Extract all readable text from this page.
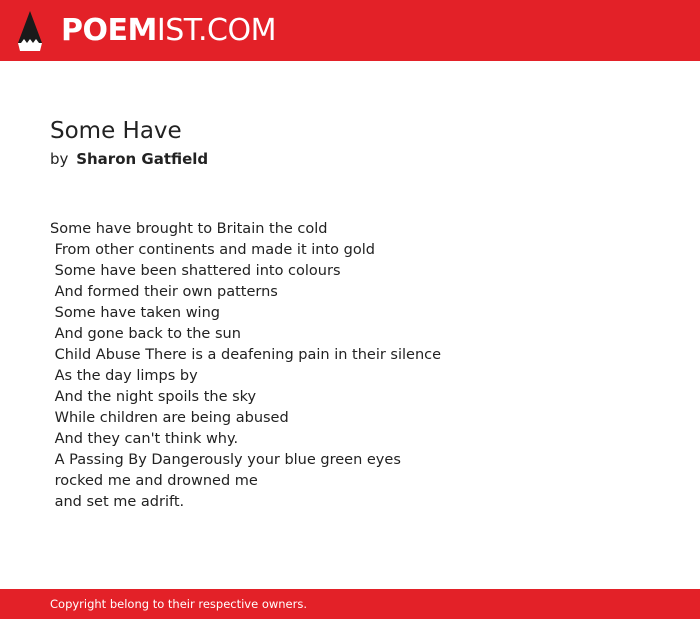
POEMIST.COM
Some Have
by Sharon Gatfield
Some have brought to Britain the cold
From other continents and made it into gold
Some have been shattered into colours
And formed their own patterns
Some have taken wing
And gone back to the sun
Child Abuse There is a deafening pain in their silence
As the day limps by
And the night spoils the sky
While children are being abused
And they can't think why.
A Passing By Dangerously your blue green eyes
rocked me and drowned me
and set me adrift.
Copyright belong to their respective owners.
